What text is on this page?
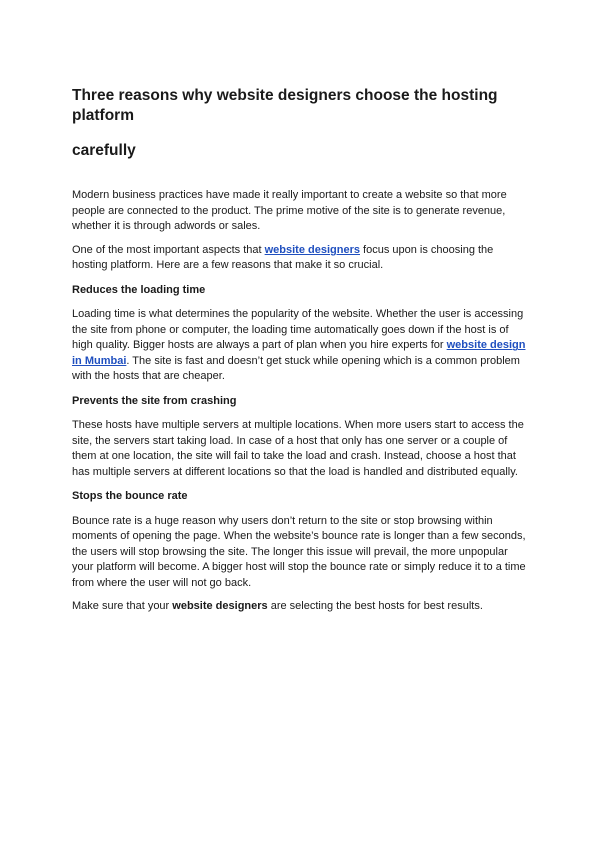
Three reasons why website designers choose the hosting platform
carefully

Modern business practices have made it really important to create a website so that more people are connected to the product. The prime motive of the site is to generate revenue, whether it is through adwords or sales.

One of the most important aspects that website designers focus upon is choosing the hosting platform. Here are a few reasons that make it so crucial.

Reduces the loading time

Loading time is what determines the popularity of the website. Whether the user is accessing the site from phone or computer, the loading time automatically goes down if the host is of high quality. Bigger hosts are always a part of plan when you hire experts for website design in Mumbai. The site is fast and doesn’t get stuck while opening which is a common problem with the hosts that are cheaper.

Prevents the site from crashing

These hosts have multiple servers at multiple locations. When more users start to access the site, the servers start taking load. In case of a host that only has one server or a couple of them at one location, the site will fail to take the load and crash. Instead, choose a host that has multiple servers at different locations so that the load is handled and distributed equally.

Stops the bounce rate

Bounce rate is a huge reason why users don’t return to the site or stop browsing within moments of opening the page. When the website’s bounce rate is longer than a few seconds, the users will stop browsing the site. The longer this issue will prevail, the more unpopular your platform will become. A bigger host will stop the bounce rate or simply reduce it to a time from where the user will not go back.

Make sure that your website designers are selecting the best hosts for best results.
